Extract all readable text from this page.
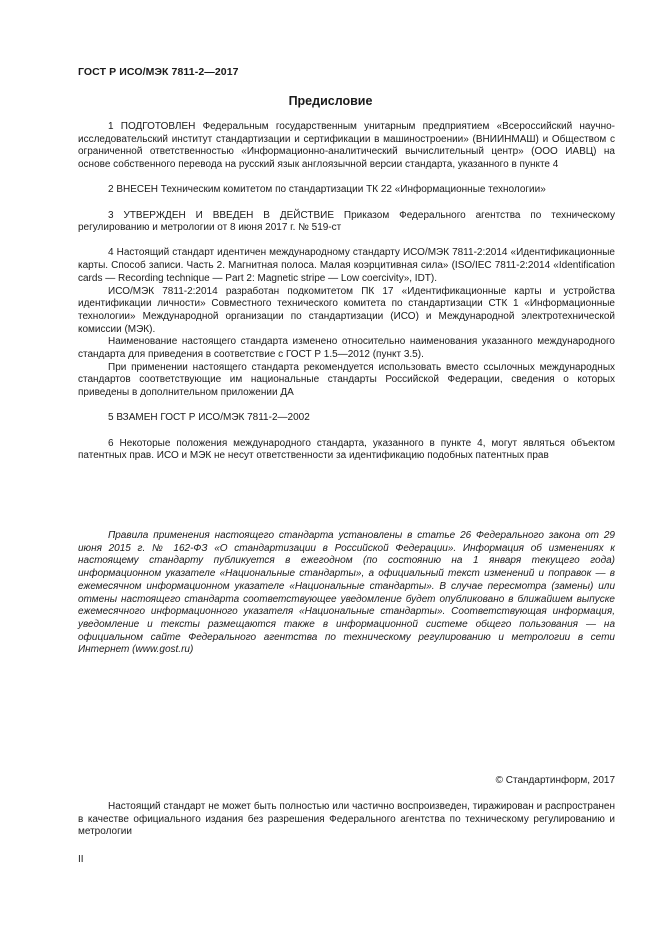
ГОСТ Р ИСО/МЭК 7811-2—2017
Предисловие

1 ПОДГОТОВЛЕН Федеральным государственным унитарным предприятием «Всероссийский научно-исследовательский институт стандартизации и сертификации в машиностроении» (ВНИИНМАШ) и Обществом с ограниченной ответственностью «Информационно-аналитический вычислительный центр» (ООО ИАВЦ) на основе собственного перевода на русский язык англоязычной версии стандарта, указанного в пункте 4

2 ВНЕСЕН Техническим комитетом по стандартизации ТК 22 «Информационные технологии»

3 УТВЕРЖДЕН И ВВЕДЕН В ДЕЙСТВИЕ Приказом Федерального агентства по техническому регулированию и метрологии от 8 июня 2017 г. № 519-ст

4 Настоящий стандарт идентичен международному стандарту ИСО/МЭК 7811-2:2014 «Идентификационные карты. Способ записи. Часть 2. Магнитная полоса. Малая коэрцитивная сила» (ISO/IEC 7811-2:2014 «Identification cards — Recording technique — Part 2: Magnetic stripe — Low coercivity», IDT).

ИСО/МЭК 7811-2:2014 разработан подкомитетом ПК 17 «Идентификационные карты и устройства идентификации личности» Совместного технического комитета по стандартизации СТК 1 «Информационные технологии» Международной организации по стандартизации (ИСО) и Международной электротехнической комиссии (МЭК).

Наименование настоящего стандарта изменено относительно наименования указанного международного стандарта для приведения в соответствие с ГОСТ Р 1.5—2012 (пункт 3.5).

При применении настоящего стандарта рекомендуется использовать вместо ссылочных международных стандартов соответствующие им национальные стандарты Российской Федерации, сведения о которых приведены в дополнительном приложении ДА

5 ВЗАМЕН ГОСТ Р ИСО/МЭК 7811-2—2002

6 Некоторые положения международного стандарта, указанного в пункте 4, могут являться объектом патентных прав. ИСО и МЭК не несут ответственности за идентификацию подобных патентных прав

Правила применения настоящего стандарта установлены в статье 26 Федерального закона от 29 июня 2015 г. № 162-ФЗ «О стандартизации в Российской Федерации». Информация об изменениях к настоящему стандарту публикуется в ежегодном (по состоянию на 1 января текущего года) информационном указателе «Национальные стандарты», а официальный текст изменений и поправок — в ежемесячном информационном указателе «Национальные стандарты». В случае пересмотра (замены) или отмены настоящего стандарта соответствующее уведомление будет опубликовано в ближайшем выпуске ежемесячного информационного указателя «Национальные стандарты». Соответствующая информация, уведомление и тексты размещаются также в информационной системе общего пользования — на официальном сайте Федерального агентства по техническому регулированию и метрологии в сети Интернет (www.gost.ru)

© Стандартинформ, 2017

Настоящий стандарт не может быть полностью или частично воспроизведен, тиражирован и распространен в качестве официального издания без разрешения Федерального агентства по техническому регулированию и метрологии

II
